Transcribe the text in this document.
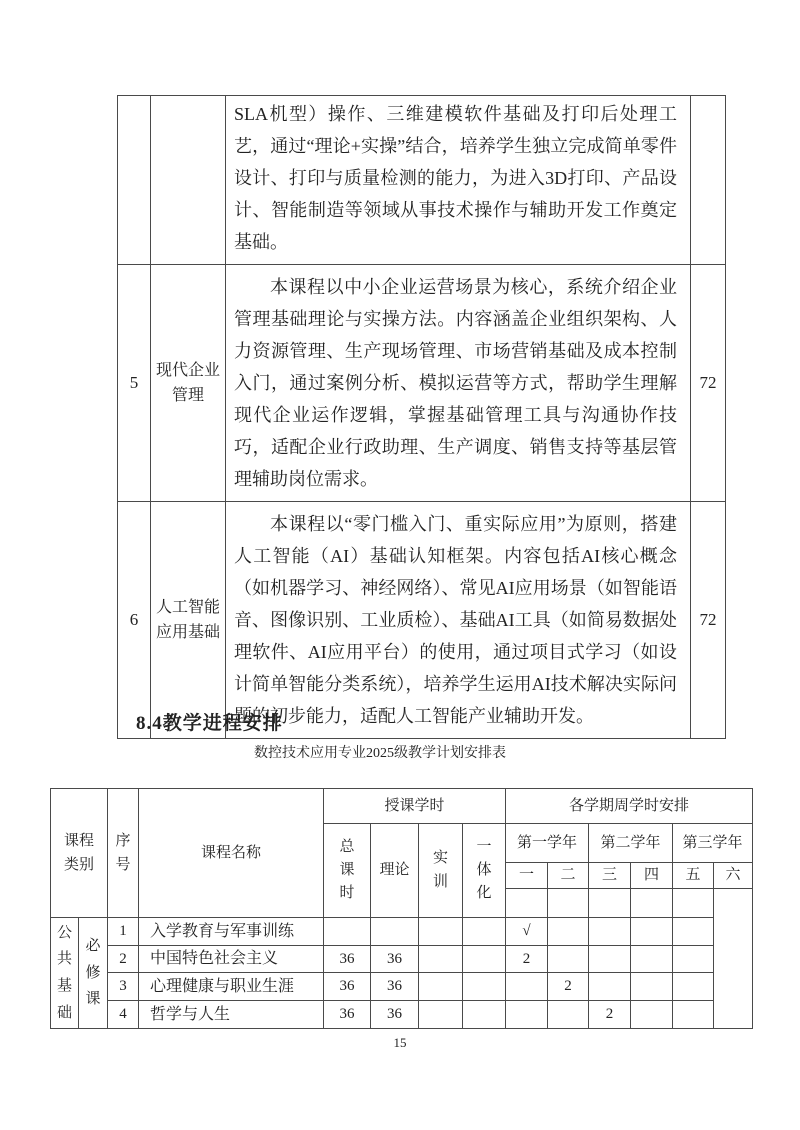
		SLA机型）操作、三维建模软件基础及打印后处理工艺，通过“理论+实操”结合，培养学生独立完成简单零件设计、打印与质量检测的能力，为进入3D打印、产品设计、智能制造等领域从事技术操作与辅助开发工作奠定基础。	
5	现代企业管理	本课程以中小企业运营场景为核心，系统介绍企业管理基础理论与实操方法。内容涵盖企业组织架构、人力资源管理、生产现场管理、市场营销基础及成本控制入门，通过案例分析、模拟运营等方式，帮助学生理解现代企业运作逻辑，掌握基础管理工具与沟通协作技巧，适配企业行政助理、生产调度、销售支持等基层管理辅助岗位需求。	72
6	人工智能应用基础	本课程以“零门槛入门、重实际应用”为原则，搭建人工智能（AI）基础认知框架。内容包括AI核心概念（如机器学习、神经网络）、常见AI应用场景（如智能语音、图像识别、工业质检）、基础AI工具（如简易数据处理软件、AI应用平台）的使用，通过项目式学习（如设计简单智能分类系统），培养学生运用AI技术解决实际问题的初步能力，适配人工智能产业辅助开发。	72
8.4教学进程安排
数控技术应用专业2025级教学计划安排表
课程类别		序号	课程名称	授课学时				各学期周学时安排					

				总课时	理论	实训	一体化	第一学年		第二学年		第三学年	
								一	二	三	四	五	六

公共基础	必修课	1	入学教育与军事训练					√					
		2	中国特色社会主义	36	36			2					
		3	心理健康与职业生涯	36	36				2				
		4	哲学与人生	36	36					2			
15
